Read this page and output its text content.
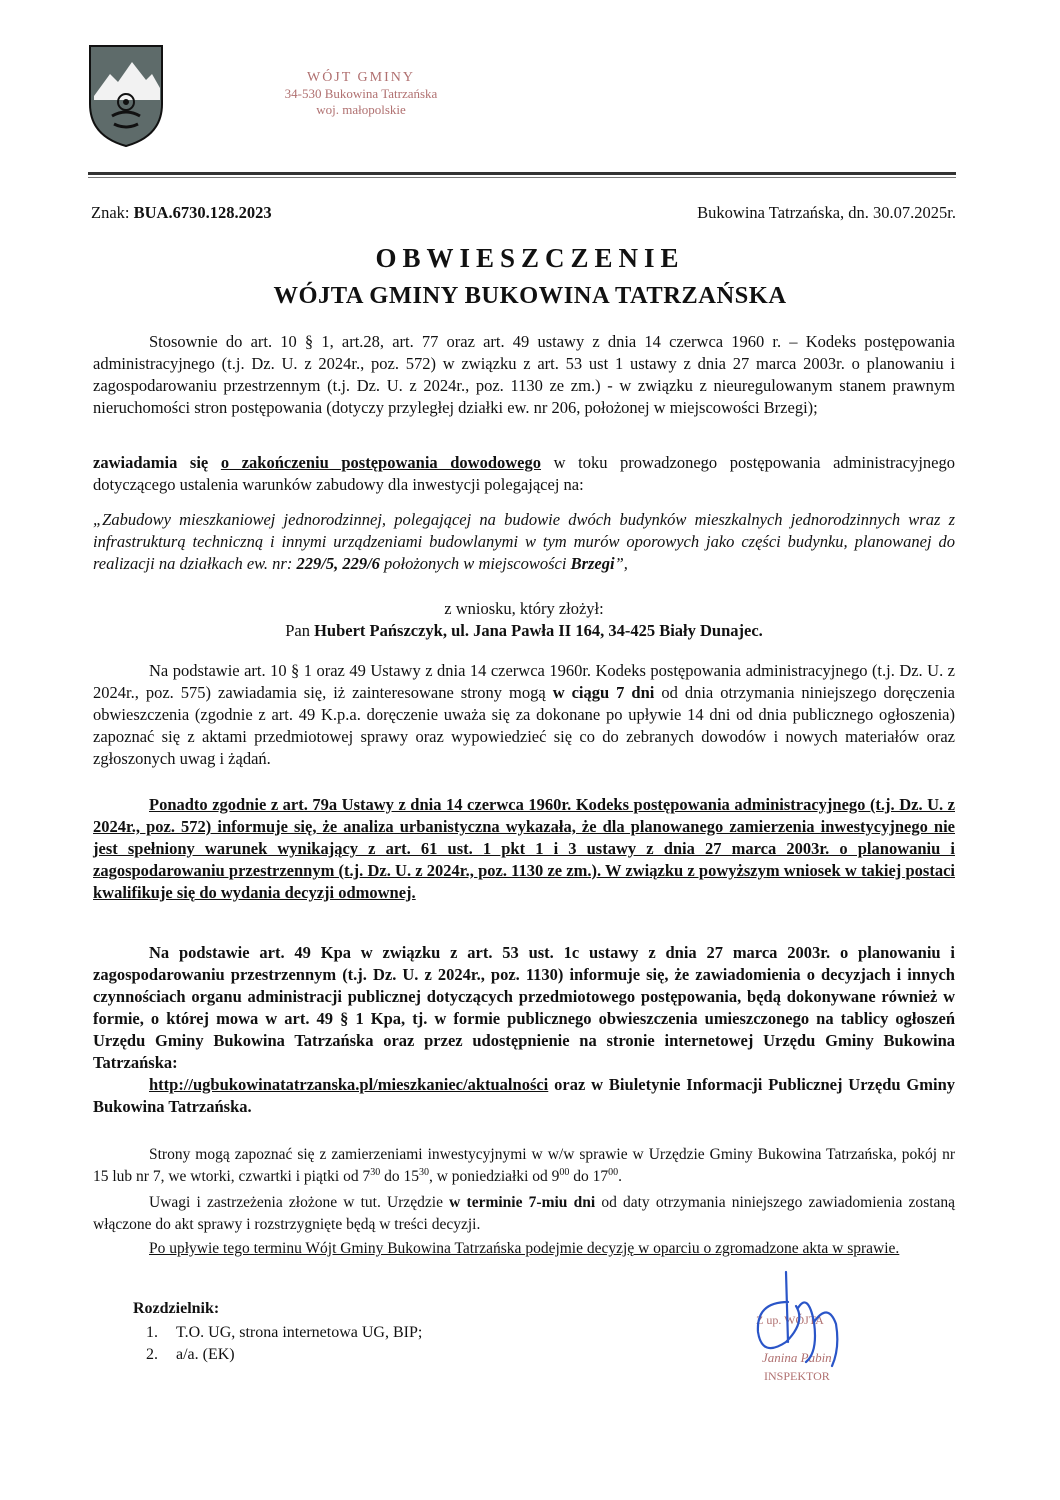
WÓJT GMINY
34-530 Bukowina Tatrzańska
woj. małopolskie
Znak: BUA.6730.128.2023	Bukowina Tatrzańska, dn. 30.07.2025r.
OBWIESZCZENIE
WÓJTA GMINY BUKOWINA TATRZAŃSKA
Stosownie do art. 10 § 1, art.28, art. 77 oraz art. 49 ustawy z dnia 14 czerwca 1960 r. – Kodeks postępowania administracyjnego (t.j. Dz. U. z 2024r., poz. 572) w związku z art. 53 ust 1 ustawy z dnia 27 marca 2003r. o planowaniu i zagospodarowaniu przestrzennym (t.j. Dz. U. z 2024r., poz. 1130 ze zm.) - w związku z nieuregulowanym stanem prawnym nieruchomości stron postępowania (dotyczy przyległej działki ew. nr 206, położonej w miejscowości Brzegi);
zawiadamia się o zakończeniu postępowania dowodowego w toku prowadzonego postępowania administracyjnego dotyczącego ustalenia warunków zabudowy dla inwestycji polegającej na:
„Zabudowy mieszkaniowej jednorodzinnej, polegającej na budowie dwóch budynków mieszkalnych jednorodzinnych wraz z infrastrukturą techniczną i innymi urządzeniami budowlanymi w tym murów oporowych jako części budynku, planowanej do realizacji na działkach ew. nr: 229/5, 229/6 położonych w miejscowości Brzegi”,
z wniosku, który złożył:
Pan Hubert Pańszczyk, ul. Jana Pawła II 164, 34-425 Biały Dunajec.
Na podstawie art. 10 § 1 oraz 49 Ustawy z dnia 14 czerwca 1960r. Kodeks postępowania administracyjnego (t.j. Dz. U. z 2024r., poz. 575) zawiadamia się, iż zainteresowane strony mogą w ciągu 7 dni od dnia otrzymania niniejszego doręczenia obwieszczenia (zgodnie z art. 49 K.p.a. doręczenie uważa się za dokonane po upływie 14 dni od dnia publicznego ogłoszenia) zapoznać się z aktami przedmiotowej sprawy oraz wypowiedzieć się co do zebranych dowodów i nowych materiałów oraz zgłoszonych uwag i żądań.
Ponadto zgodnie z art. 79a Ustawy z dnia 14 czerwca 1960r. Kodeks postępowania administracyjnego (t.j. Dz. U. z 2024r., poz. 572) informuje się, że analiza urbanistyczna wykazała, że dla planowanego zamierzenia inwestycyjnego nie jest spełniony warunek wynikający z art. 61 ust. 1 pkt 1 i 3 ustawy z dnia 27 marca 2003r. o planowaniu i zagospodarowaniu przestrzennym (t.j. Dz. U. z 2024r., poz. 1130 ze zm.). W związku z powyższym wniosek w takiej postaci kwalifikuje się do wydania decyzji odmownej.
Na podstawie art. 49 Kpa w związku z art. 53 ust. 1c ustawy z dnia 27 marca 2003r. o planowaniu i zagospodarowaniu przestrzennym (t.j. Dz. U. z 2024r., poz. 1130) informuje się, że zawiadomienia o decyzjach i innych czynnościach organu administracji publicznej dotyczących przedmiotowego postępowania, będą dokonywane również w formie, o której mowa w art. 49 § 1 Kpa, tj. w formie publicznego obwieszczenia umieszczonego na tablicy ogłoszeń Urzędu Gminy Bukowina Tatrzańska oraz przez udostępnienie na stronie internetowej Urzędu Gminy Bukowina Tatrzańska:
http://ugbukowinatatrzanska.pl/mieszkaniec/aktualności oraz w Biuletynie Informacji Publicznej Urzędu Gminy Bukowina Tatrzańska.
Strony mogą zapoznać się z zamierzeniami inwestycyjnymi w w/w sprawie w Urzędzie Gminy Bukowina Tatrzańska, pokój nr 15 lub nr 7, we wtorki, czwartki i piątki od $7^{30}$ do $15^{30}$, w poniedziałki od $9^{00}$ do $17^{00}$.
Uwagi i zastrzeżenia złożone w tut. Urzędzie w terminie 7-miu dni od daty otrzymania niniejszego zawiadomienia zostaną włączone do akt sprawy i rozstrzygnięte będą w treści decyzji.
Po upływie tego terminu Wójt Gminy Bukowina Tatrzańska podejmie decyzję w oparciu o zgromadzone akta w sprawie.
Rozdzielnik:
1. T.O. UG, strona internetowa UG, BIP;
2. a/a. (EK)
Z up. WÓJTA
Janina Pabin
INSPEKTOR
